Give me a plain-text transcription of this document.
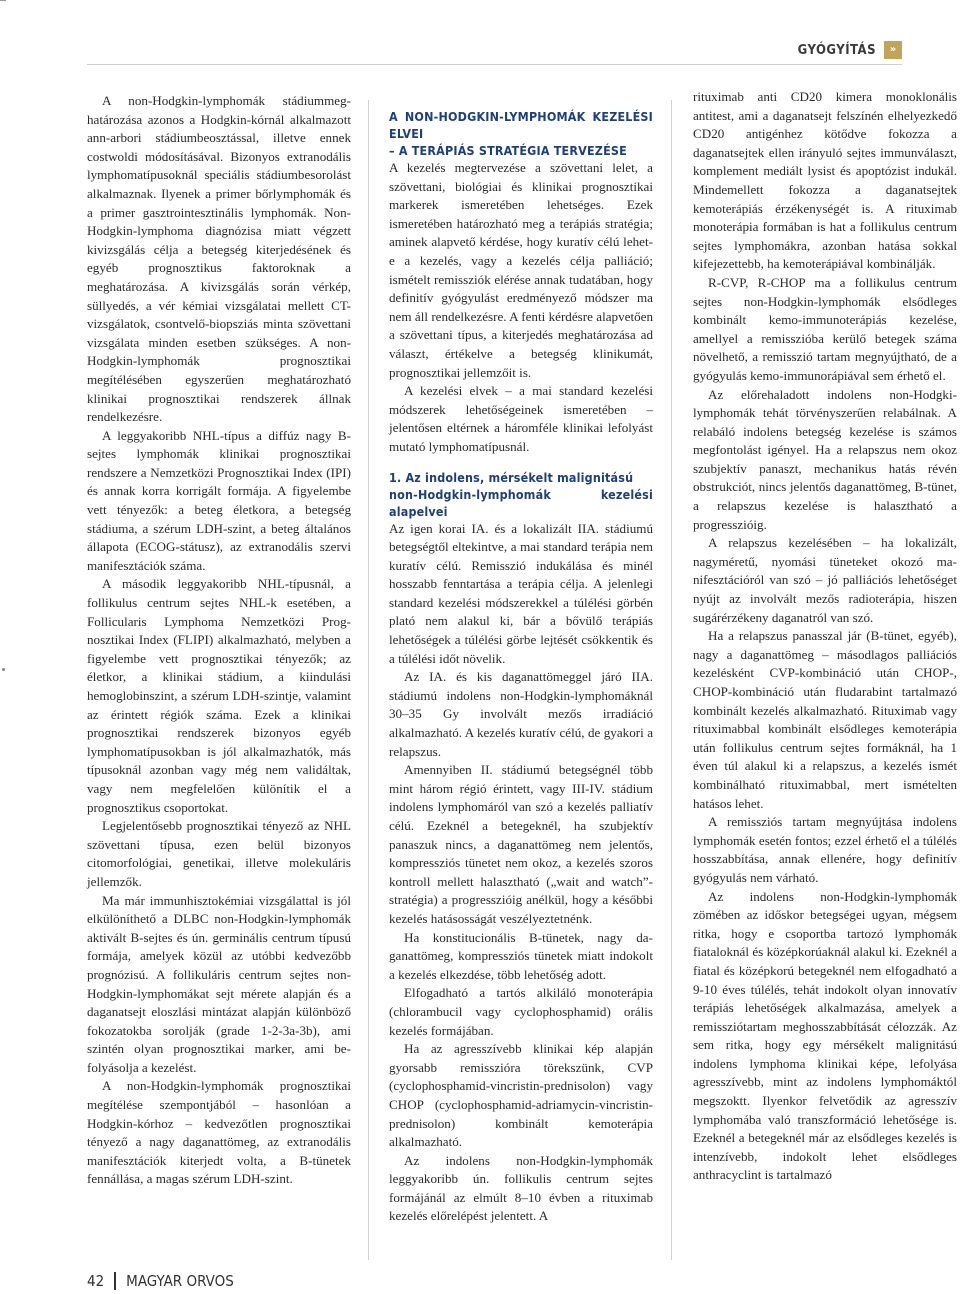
GYÓGYÍTÁS	»

A non-Hodgkin-lymphomák stádiummeghatározása azonos a Hodgkin-kórnál alkalmazott ann-arbori stádiumbeosztással, illetve ennek costwoldi módosításával. Bizonyos extranodális lymphomatípusoknál speciális stádiumbesorolást alkalmaznak. Ilyenek a primer bőrlymphomák és a primer gasztrointesztinális lymphomák. Non-Hodgkin-lymphoma diagnózisa miatt végzett kivizsgálás célja a betegség kiterjedésének és egyéb prognosztikus faktoroknak a meghatározása. A kivizsgálás során vérkép, süllyedés, a vér kémiai vizsgálatai mellett CT-vizsgálatok, csontvelő-biopsziás minta szövettani vizsgálata minden esetben szükséges. A non-Hodgkin-lymphomák prognosztikai megítélésében egyszerűen meghatározható klinikai prognosztikai rendszerek állnak rendelkezésre.

A leggyakoribb NHL-típus a diffúz nagy B-sejtes lymphomák klinikai prognosztikai rendszere a Nemzetközi Prognosztikai Index (IPI) és annak korra korrigált formája. A figyelembe vett tényezők: a beteg életkora, a betegség stádiuma, a szérum LDH-szint, a beteg általános állapota (ECOG-státusz), az extranodális szervi manifesztációk száma.

A második leggyakoribb NHL-típusnál, a follikulus centrum sejtes NHL-k esetében, a Follicularis Lymphoma Nemzetközi Prognosztikai Index (FLIPI) alkalmazható, melyben a figyelembe vett prognosztikai tényezők; az életkor, a klinikai stádium, a kiindulási hemoglobinszint, a szérum LDH-szintje, valamint az érintett régiók száma. Ezek a klinikai prognosztikai rendszerek bizonyos egyéb lymphomatípusokban is jól alkalmazhatók, más típusoknál azonban vagy még nem validáltak, vagy nem megfelelően különítik el a prognosztikus csoportokat.

Legjelentősebb prognosztikai tényező az NHL szövettani típusa, ezen belül bizonyos citomorfológiai, genetikai, illetve molekuláris jellemzők.

Ma már immunhisztokémiai vizsgálattal is jól elkülöníthető a DLBC non-Hodgkin-lymphomák aktivált B-sejtes és ún. germinális centrum típusú formája, amelyek közül az utóbbi kedvezőbb prognózisú. A follikuláris centrum sejtes non-Hodgkin-lymphomákat sejt mérete alapján és a daganatsejt eloszlási mintázat alapján különböző fokozatokba sorolják (grade 1-2-3a-3b), ami szintén olyan prognosztikai marker, ami befolyásolja a kezelést.

A non-Hodgkin-lymphomák prognosztikai megítélése szempontjából – hasonlóan a Hodgkin-kórhoz – kedvezőtlen prognosztikai tényező a nagy daganattömeg, az extranodális manifesztációk kiterjedt volta, a B-tünetek fennállása, a magas szérum LDH-szint.

A NON-HODGKIN-LYMPHOMÁK KEZELÉSI ELVEI
– A TERÁPIÁS STRATÉGIA TERVEZÉSE

A kezelés megtervezése a szövettani lelet, a szövettani, biológiai és klinikai prognosztikai markerek ismeretében lehetséges. Ezek ismeretében határozható meg a terápiás stratégia; aminek alapvető kérdése, hogy kuratív célú lehet-e a kezelés, vagy a kezelés célja palliáció; ismételt remissziók elérése annak tudatában, hogy definitív gyógyulást eredményező módszer ma nem áll rendelkezésre. A fenti kérdésre alapvetően a szövettani típus, a kiterjedés meghatározása ad választ, értékelve a betegség klinikumát, prognosztikai jellemzőit is.

A kezelési elvek – a mai standard kezelési módszerek lehetőségeinek ismeretében – jelentősen eltérnek a háromféle klinikai lefolyást mutató lymphomatípusnál.

1. Az indolens, mérsékelt malignitású
non-Hodgkin-lymphomák kezelési alapelvei

Az igen korai IA. és a lokalizált IIA. stádiumú betegségtől eltekintve, a mai standard terápia nem kuratív célú. Remisszió indukálása és minél hosszabb fenntartása a terápia célja. A jelenlegi standard kezelési módszerekkel a túlélési görbén plató nem alakul ki, bár a bővülő terápiás lehetőségek a túlélési görbe lejtését csökkentik és a túlélési időt növelik.

Az IA. és kis daganattömeggel járó IIA. stádiumú indolens non-Hodgkin-lymphomáknál 30–35 Gy involvált mezős irradiáció alkalmazható. A kezelés kuratív célú, de gyakori a relapszus.

Amennyiben II. stádiumú betegségnél több mint három régió érintett, vagy III-IV. stádium indolens lymphomáról van szó a kezelés palliatív célú. Ezeknél a betegeknél, ha szubjektív panaszuk nincs, a daganattömeg nem jelentős, kompressziós tünetet nem okoz, a kezelés szoros kontroll mellett halasztható („wait and watch”-stratégia) a progresszióig anélkül, hogy a későbbi kezelés hatásosságát veszélyeztetnénk.

Ha konstitucionális B-tünetek, nagy daganattömeg, kompressziós tünetek miatt indokolt a kezelés elkezdése, több lehetőség adott.

Elfogadható a tartós alkiláló monoterápia (chlorambucil vagy cyclophosphamid) orális kezelés formájában.

Ha az agresszívebb klinikai kép alapján gyorsabb remisszióra törekszünk, CVP (cyclophosphamid-vincristin-prednisolon) vagy CHOP (cyclophosphamid-adriamycin-vincristin-prednisolon) kombinált kemoterápia alkalmazható.

Az indolens non-Hodgkin-lymphomák leggyakoribb ún. follikulis centrum sejtes formájánál az elmúlt 8–10 évben a rituximab kezelés előrelépést jelentett. A

rituximab anti CD20 kimera monoklonális antitest, ami a daganatsejt felszínén elhelyezkedő CD20 antigénhez kötődve fokozza a daganatsejtek ellen irányuló sejtes immunválaszt, komplement mediált lysist és apoptózist indukál. Mindemellett fokozza a daganatsejtek kemoterápiás érzékenységét is. A rituximab monoterápia formában is hat a follikulus centrum sejtes lymphomákra, azonban hatása sokkal kifejezettebb, ha kemoterápiával kombinálják.

R-CVP, R-CHOP ma a follikulus centrum sejtes non-Hodgkin-lymphomák elsődleges kombinált kemo-immunoterápiás kezelése, amellyel a remisszióba kerülő betegek száma növelhető, a remisszió tartam megnyújtható, de a gyógyulás kemo-immunorápiával sem érhető el.

Az előrehaladott indolens non-Hodgkilymphomák tehát törvényszerűen relabálnak. A relabáló indolens betegség kezelése is számos megfontolást igényel. Ha a relapszus nem okoz szubjektív panaszt, mechanikus hatás révén obstrukciót, nincs jelentős daganattömeg, B-tünet, a relapszus kezelése is halasztható a progresszióig.

A relapszus kezelésében – ha lokalizált, nagyméretű, nyomási tüneteket okozó manifesztációról van szó – jó palliációs lehetőséget nyújt az involvált mezős radioterápia, hiszen sugárérzékeny daganatról van szó.

Ha a relapszus panasszal jár (B-tünet, egyéb), nagy a daganattömeg – másodlagos palliációs kezelésként CVP-kombináció után CHOP-, CHOP-kombináció után fludarabint tartalmazó kombinált kezelés alkalmazható. Rituximab vagy rituximabbal kombinált elsődleges kemoterápia után follikulus centrum sejtes formáknál, ha 1 éven túl alakul ki a relapszus, a kezelés ismét kombinálható rituximabbal, mert ismételten hatásos lehet.

A remissziós tartam megnyújtása indolens lymphomák esetén fontos; ezzel érhető el a túlélés hosszabbítása, annak ellenére, hogy definitív gyógyulás nem várható.

Az indolens non-Hodgkin-lymphomák zömében az időskor betegségei ugyan, mégsem ritka, hogy e csoportba tartozó lymphomák fiataloknál és középkorúaknál alakul ki. Ezeknél a fiatal és középkorú betegeknél nem elfogadható a 9-10 éves túlélés, tehát indokolt olyan innovatív terápiás lehetőségek alkalmazása, amelyek a remissziótartam meghosszabbítását célozzák. Az sem ritka, hogy egy mérsékelt malignitású indolens lymphoma klinikai képe, lefolyása agresszívebb, mint az indolens lymphomáktól megszoktt. Ilyenkor felvetődik az agresszív lymphomába való transzformáció lehetősége is. Ezeknél a betegeknél már az elsődleges kezelés is intenzívebb, indokolt lehet elsődleges anthracyclint is tartalmazó

42 MAGYAR ORVOS
